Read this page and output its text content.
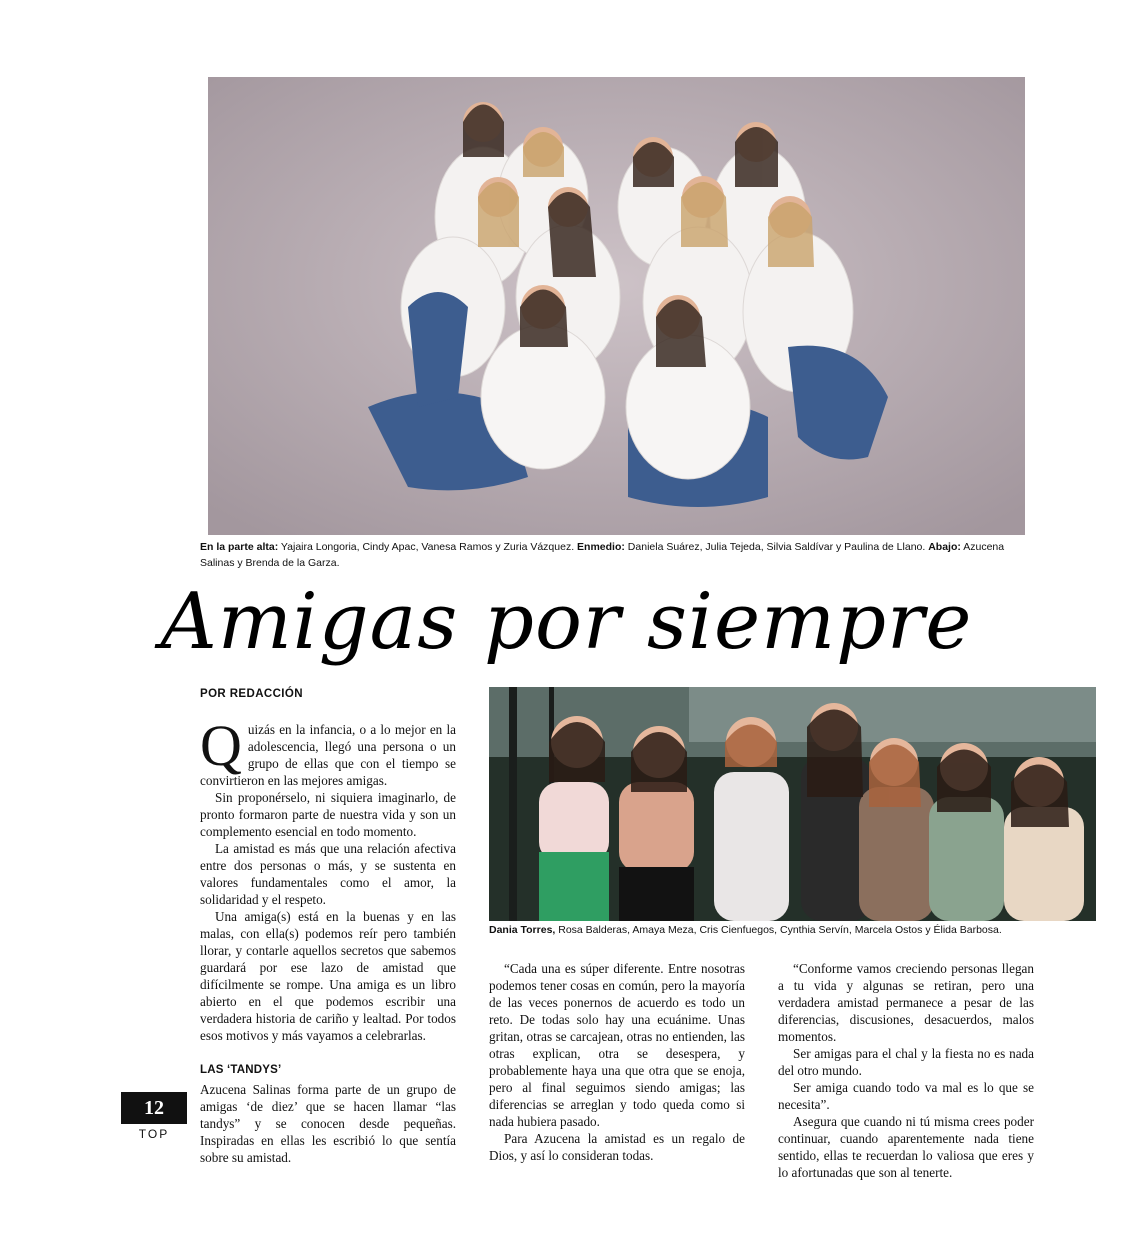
En la parte alta: Yajaira Longoria, Cindy Apac, Vanesa Ramos y Zuria Vázquez. Enmedio: Daniela Suárez, Julia Tejeda, Silvia Saldívar y Paulina de Llano. Abajo: Azucena Salinas y Brenda de la Garza.
Amigas por siempre
POR REDACCIÓN

Quizás en la infancia, o a lo mejor en la adolescencia, llegó una persona o un grupo de ellas que con el tiempo se convirtieron en las mejores amigas.

Sin proponérselo, ni siquiera imaginarlo, de pronto formaron parte de nuestra vida y son un complemento esencial en todo momento.

La amistad es más que una relación afectiva entre dos personas o más, y se sustenta en valores fundamentales como el amor, la solidaridad y el respeto.

Una amiga(s) está en la buenas y en las malas, con ella(s) podemos reír pero también llorar, y contarle aquellos secretos que sabemos guardará por ese lazo de amistad que difícilmente se rompe. Una amiga es un libro abierto en el que podemos escribir una verdadera historia de cariño y lealtad. Por todos esos motivos y más vayamos a celebrarlas.

LAS ‘TANDYS’

Azucena Salinas forma parte de un grupo de amigas ‘de diez’ que se hacen llamar “las tandys” y se conocen desde pequeñas. Inspiradas en ellas les escribió lo que sentía sobre su amistad.

Dania Torres, Rosa Balderas, Amaya Meza, Cris Cienfuegos, Cynthia Servín, Marcela Ostos y Élida Barbosa.

“Cada una es súper diferente. Entre nosotras podemos tener cosas en común, pero la mayoría de las veces ponernos de acuerdo es todo un reto. De todas solo hay una ecuánime. Unas gritan, otras se carcajean, otras no entienden, las otras explican, otra se desespera, y probablemente haya una que otra que se enoja, pero al final seguimos siendo amigas; las diferencias se arreglan y todo queda como si nada hubiera pasado.

Para Azucena la amistad es un regalo de Dios, y así lo consideran todas.

“Conforme vamos creciendo personas llegan a tu vida y algunas se retiran, pero una verdadera amistad permanece a pesar de las diferencias, discusiones, desacuerdos, malos momentos.

Ser amigas para el chal y la fiesta no es nada del otro mundo.

Ser amiga cuando todo va mal es lo que se necesita”.

Asegura que cuando ni tú misma crees poder continuar, cuando aparentemente nada tiene sentido, ellas te recuerdan lo valiosa que eres y lo afortunadas que son al tenerte.

12
TOP
